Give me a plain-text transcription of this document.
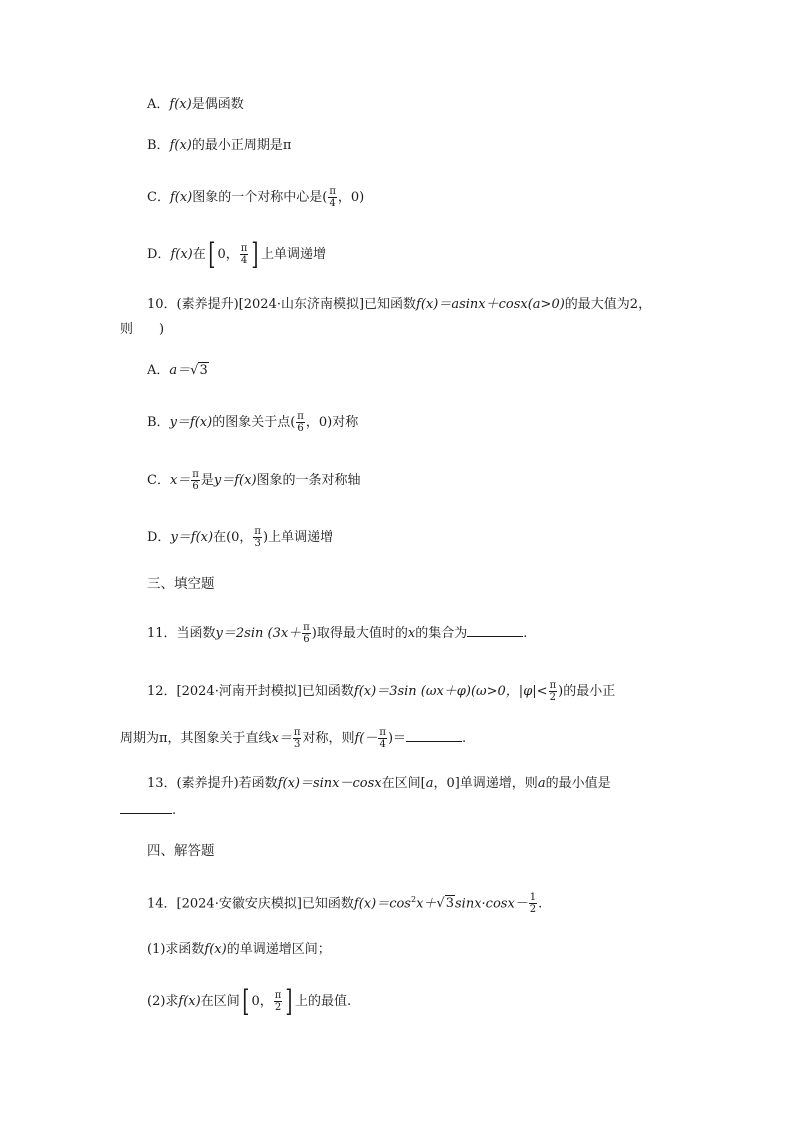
A．f(x)是偶函数
B．f(x)的最小正周期是π
C．f(x)图象的一个对称中心是( $\frac{\pi}{4}$ ，0)
D．f(x)在[ 0， $\frac{\pi}{4}$ ] 上单调递增
10．(素养提升)[2024·山东济南模拟]已知函数f(x)＝asinx＋cosx(a>0)的最大值为2，
则　　)
A．a＝√3
B．y＝f(x)的图象关于点( $\frac{\pi}{6}$ ，0)对称
C．$x= \frac{\pi}{6}$ 是y＝f(x)图象的一条对称轴
D．y＝f(x)在(0， $\frac{\pi}{3}$ )上单调递增
三、填空题
11．当函数y＝2sin ($3x+ \frac{\pi}{6}$ )取得最大值时的x的集合为	.
12．[2024·河南开封模拟]已知函数f(x)＝3sin (ωx＋φ)(ω>0，$|\varphi|< \frac{\pi}{2}$ )的最小正
周期为π，其图象关于直线$x= \frac{\pi}{3}$ 对称，则$f(- \frac{\pi}{4}$ )＝	.
13．(素养提升)若函数f(x)＝sinx－cosx在区间[a，0]单调递增，则a的最小值是
.
四、解答题
14．[2024·安徽安庆模拟]已知函数$f(x)=\cos^2x+√3\sin x\cdot\cos x- \frac{1}{2}$ .
(1)求函数f(x)的单调递增区间；
(2)求f(x)在区间[ 0， $\frac{\pi}{2}$ ] 上的最值.
